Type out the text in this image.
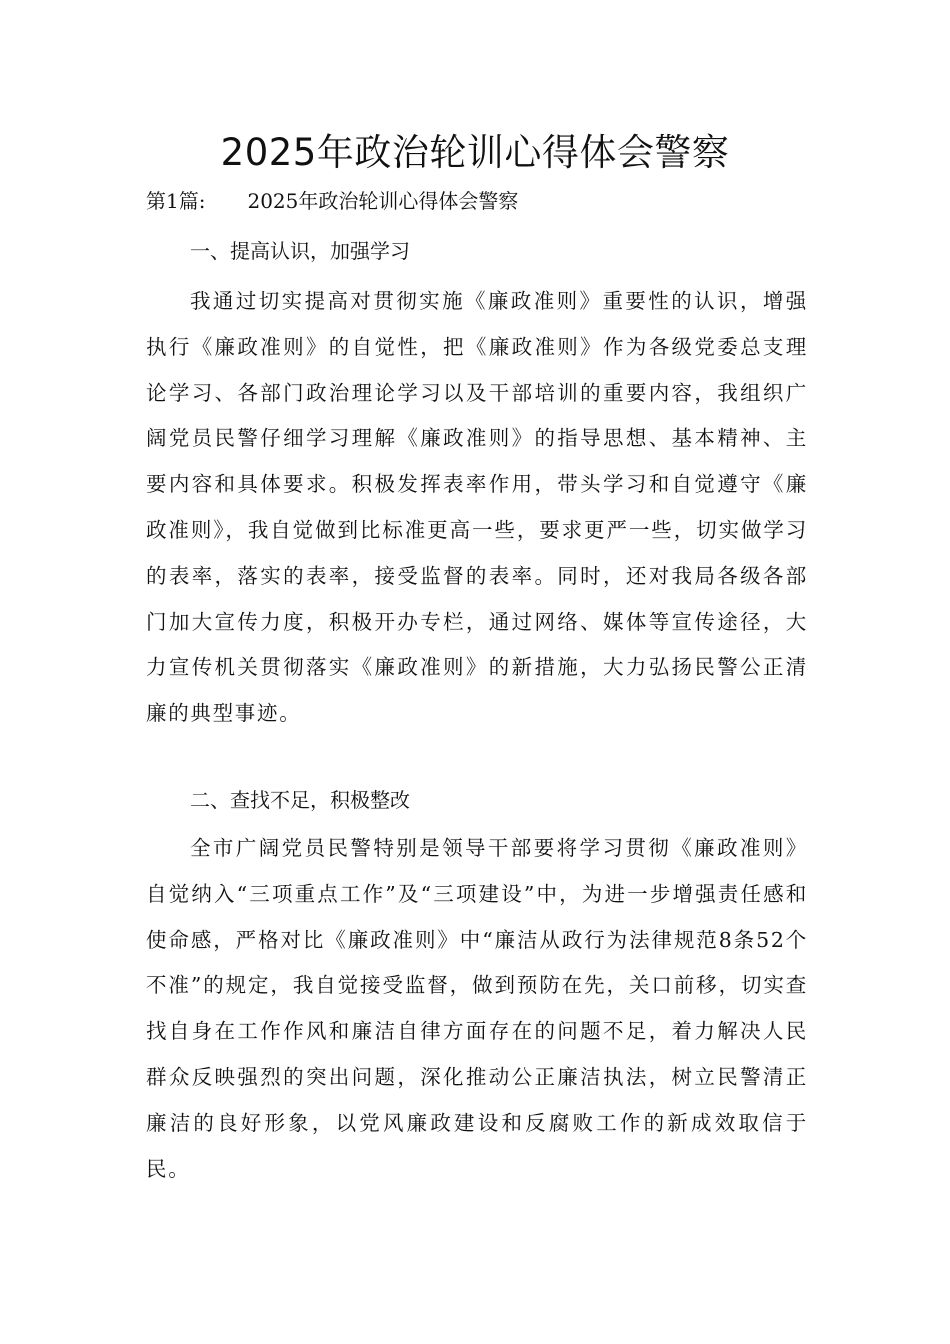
2025年政治轮训心得体会警察
第1篇: 2025年政治轮训心得体会警察
一、提高认识，加强学习
我通过切实提高对贯彻实施《廉政准则》重要性的认识，增强执行《廉政准则》的自觉性，把《廉政准则》作为各级党委总支理论学习、各部门政治理论学习以及干部培训的重要内容，我组织广阔党员民警仔细学习理解《廉政准则》的指导思想、基本精神、主要内容和具体要求。积极发挥表率作用，带头学习和自觉遵守《廉政准则》，我自觉做到比标准更高一些，要求更严一些，切实做学习的表率，落实的表率，接受监督的表率。同时，还对我局各级各部门加大宣传力度，积极开办专栏，通过网络、媒体等宣传途径，大力宣传机关贯彻落实《廉政准则》的新措施，大力弘扬民警公正清廉的典型事迹。
二、查找不足，积极整改
全市广阔党员民警特别是领导干部要将学习贯彻《廉政准则》自觉纳入“三项重点工作”及“三项建设”中，为进一步增强责任感和使命感，严格对比《廉政准则》中“廉洁从政行为法律规范8条52个不准”的规定，我自觉接受监督，做到预防在先，关口前移，切实查找自身在工作作风和廉洁自律方面存在的问题不足，着力解决人民群众反映强烈的突出问题，深化推动公正廉洁执法，树立民警清正廉洁的良好形象，以党风廉政建设和反腐败工作的新成效取信于民。
